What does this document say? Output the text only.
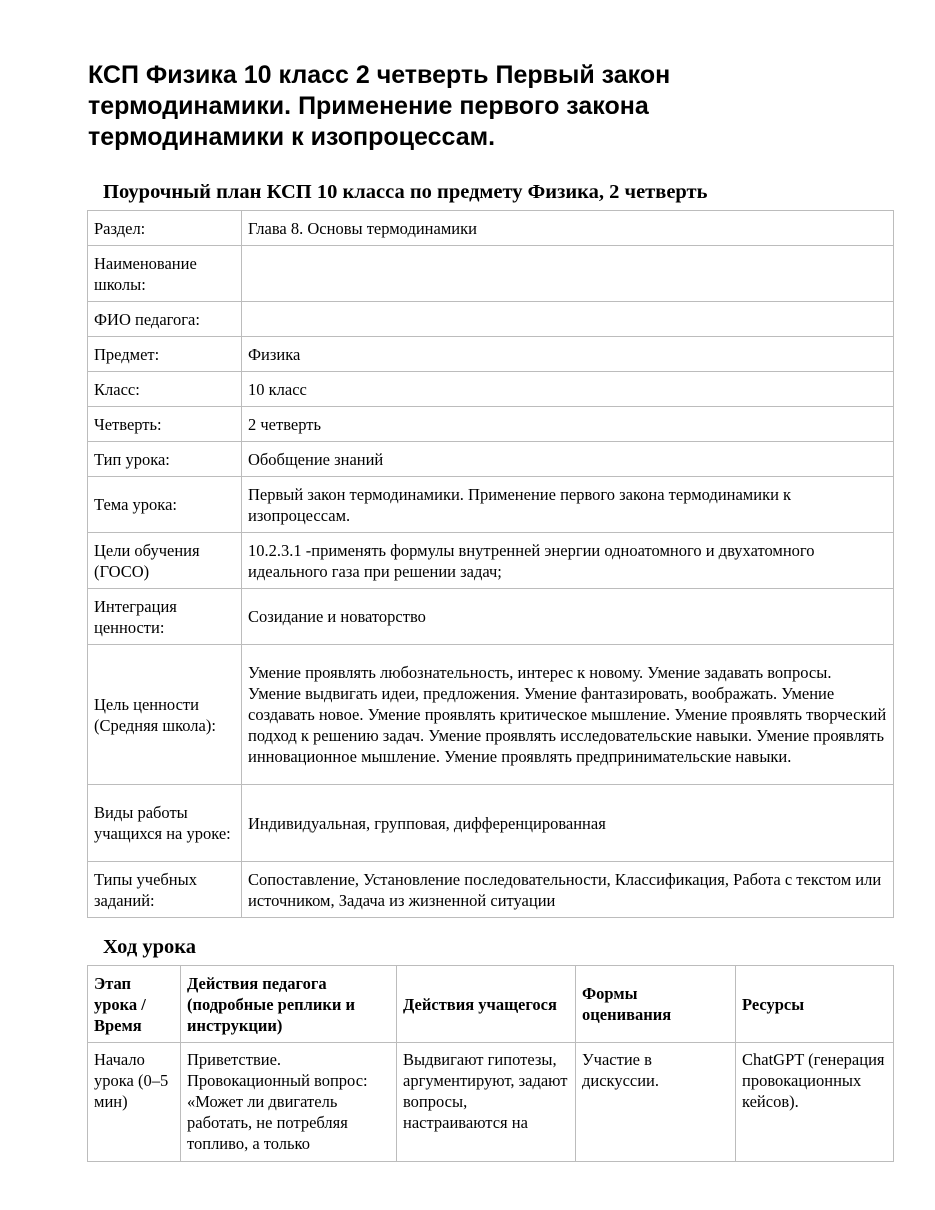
КСП Физика 10 класс 2 четверть Первый закон термодинамики. Применение первого закона термодинамики к изопроцессам.
Поурочный план КСП 10 класса по предмету Физика, 2 четверть
Раздел:	Глава 8. Основы термодинамики
Наименование школы:	
ФИО педагога:	
Предмет:	Физика
Класс:	10 класс
Четверть:	2 четверть
Тип урока:	Обобщение знаний
Тема урока:	Первый закон термодинамики. Применение первого закона термодинамики к изопроцессам.
Цели обучения (ГОСО)	10.2.3.1 -применять формулы внутренней энергии одноатомного и двухатомного идеального газа при решении задач;
Интеграция ценности:	Созидание и новаторство
Цель ценности (Средняя школа):	Умение проявлять любознательность, интерес к новому. Умение задавать вопросы. Умение выдвигать идеи, предложения. Умение фантазировать, воображать. Умение создавать новое. Умение проявлять критическое мышление. Умение проявлять творческий подход к решению задач. Умение проявлять исследовательские навыки. Умение проявлять инновационное мышление. Умение проявлять предпринимательские навыки.
Виды работы учащихся на уроке:	Индивидуальная, групповая, дифференцированная
Типы учебных заданий:	Сопоставление, Установление последовательности, Классификация, Работа с текстом или источником, Задача из жизненной ситуации
Ход урока
Этап урока / Время	Действия педагога (подробные реплики и инструкции)	Действия учащегося	Формы оценивания	Ресурсы
Начало урока (0–5 мин)	Приветствие. Провокационный вопрос: «Может ли двигатель работать, не потребляя топливо, а только	Выдвигают гипотезы, аргументируют, задают вопросы, настраиваются на	Участие в дискуссии.	ChatGPT (генерация провокационных кейсов).
